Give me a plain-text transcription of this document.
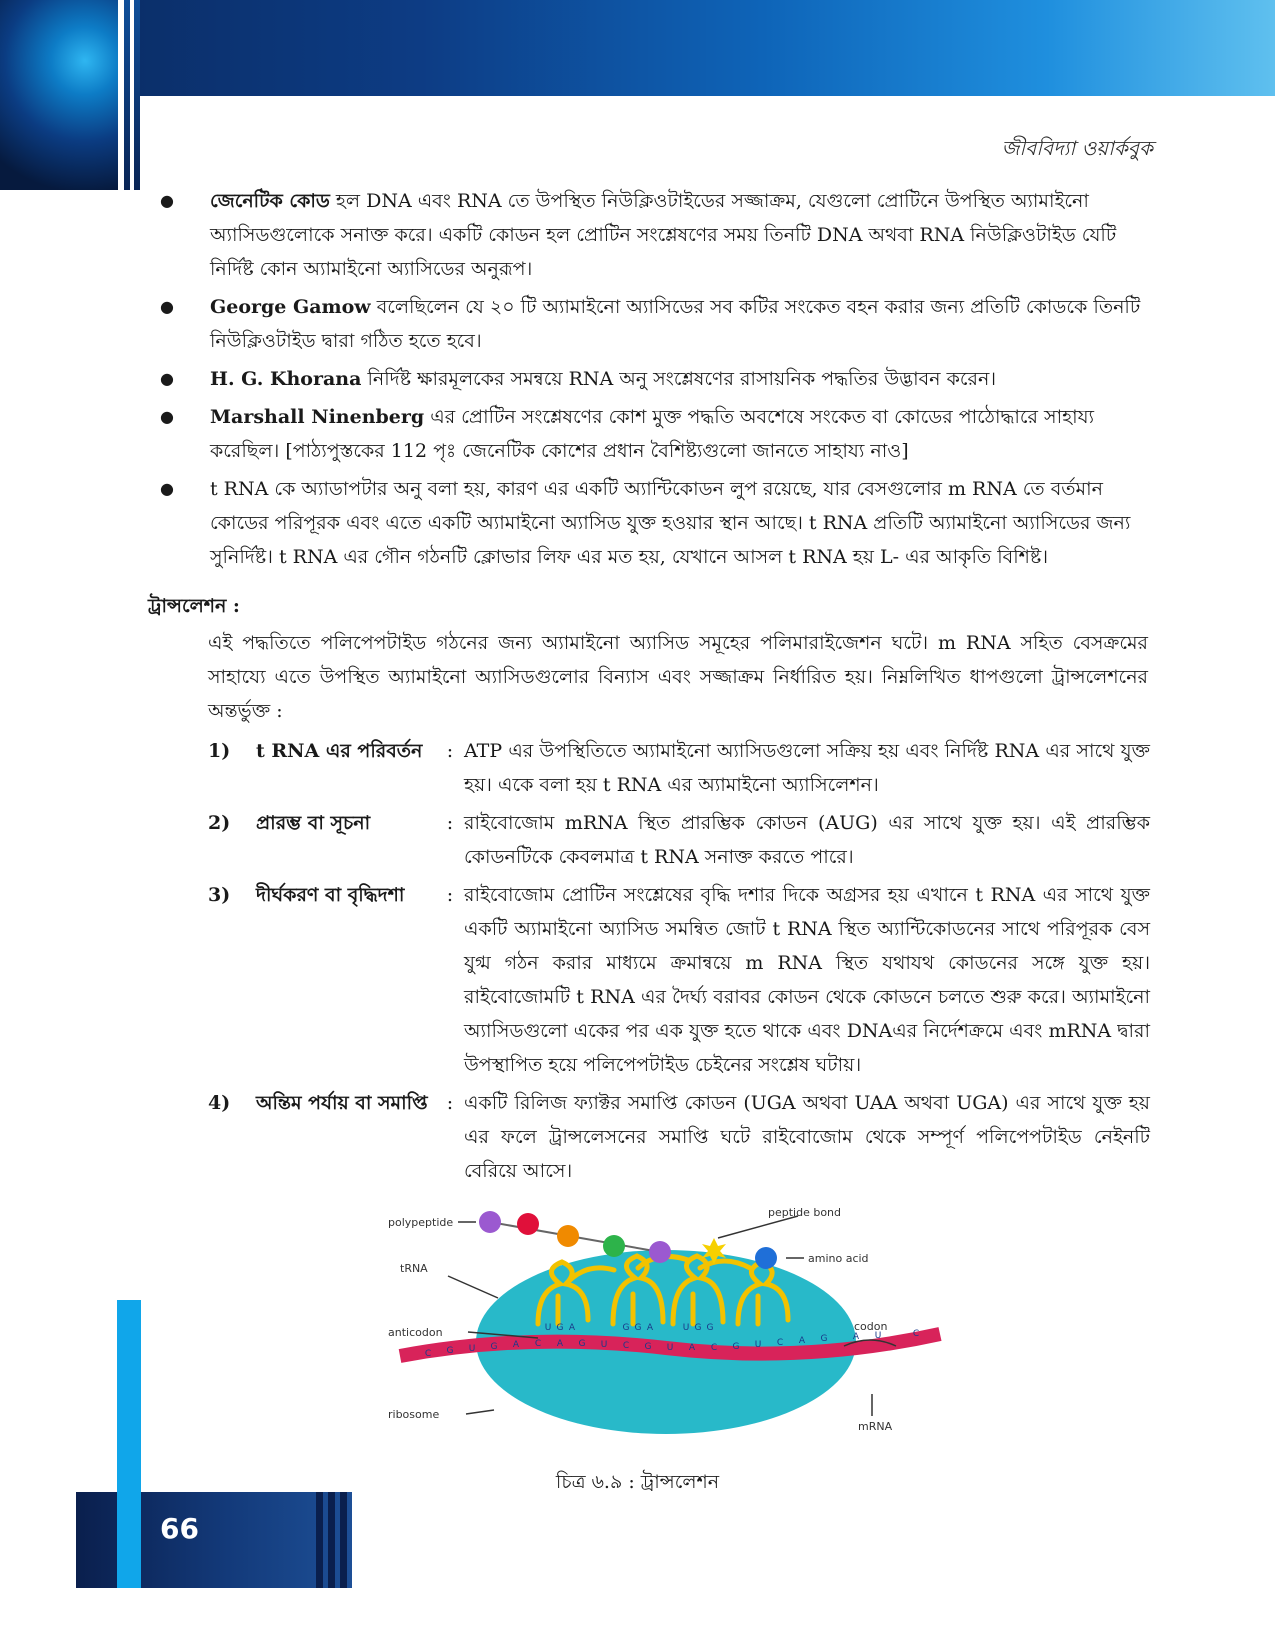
জীববিদ্যা ওয়ার্কবুক
● জেনেটিক কোড হল DNA এবং RNA তে উপস্থিত নিউক্লিওটাইডের সজ্জাক্রম, যেগুলো প্রোটিনে উপস্থিত অ্যামাইনো অ্যাসিডগুলোকে সনাক্ত করে। একটি কোডন হল প্রোটিন সংশ্লেষণের সময় তিনটি DNA অথবা RNA নিউক্লিওটাইড যেটি নির্দিষ্ট কোন অ্যামাইনো অ্যাসিডের অনুরূপ।
● George Gamow বলেছিলেন যে ২০ টি অ্যামাইনো অ্যাসিডের সব কটির সংকেত বহন করার জন্য প্রতিটি কোডকে তিনটি নিউক্লিওটাইড দ্বারা গঠিত হতে হবে।
● H. G. Khorana নির্দিষ্ট ক্ষারমূলকের সমন্বয়ে RNA অনু সংশ্লেষণের রাসায়নিক পদ্ধতির উদ্ভাবন করেন।
● Marshall Ninenberg এর প্রোটিন সংশ্লেষণের কোশ মুক্ত পদ্ধতি অবশেষে সংকেত বা কোডের পাঠোদ্ধারে সাহায্য করেছিল। [পাঠ্যপুস্তকের 112 পৃঃ জেনেটিক কোশের প্রধান বৈশিষ্ট্যগুলো জানতে সাহায্য নাও]
● t RNA কে অ্যাডাপটার অনু বলা হয়, কারণ এর একটি অ্যান্টিকোডন লুপ রয়েছে, যার বেসগুলোর m RNA তে বর্তমান কোডের পরিপূরক এবং এতে একটি অ্যামাইনো অ্যাসিড যুক্ত হওয়ার স্থান আছে। t RNA প্রতিটি অ্যামাইনো অ্যাসিডের জন্য সুনির্দিষ্ট। t RNA এর গৌন গঠনটি ক্লোভার লিফ এর মত হয়, যেখানে আসল t RNA হয় L- এর আকৃতি বিশিষ্ট।
ট্রান্সলেশন :
এই পদ্ধতিতে পলিপেপটাইড গঠনের জন্য অ্যামাইনো অ্যাসিড সমূহের পলিমারাইজেশন ঘটে। m RNA সহিত বেসক্রমের সাহায্যে এতে উপস্থিত অ্যামাইনো অ্যাসিডগুলোর বিন্যাস এবং সজ্জাক্রম নির্ধারিত হয়। নিম্নলিখিত ধাপগুলো ট্রান্সলেশনের অন্তর্ভুক্ত :
1)	t RNA এর পরিবর্তন	: ATP এর উপস্থিতিতে অ্যামাইনো অ্যাসিডগুলো সক্রিয় হয় এবং নির্দিষ্ট RNA এর সাথে যুক্ত হয়। একে বলা হয় t RNA এর অ্যামাইনো অ্যাসিলেশন।
2)	প্রারম্ভ বা সূচনা	: রাইবোজোম mRNA স্থিত প্রারম্ভিক কোডন (AUG) এর সাথে যুক্ত হয়। এই প্রারম্ভিক কোডনটিকে কেবলমাত্র t RNA সনাক্ত করতে পারে।
3)	দীর্ঘকরণ বা বৃদ্ধিদশা	: রাইবোজোম প্রোটিন সংশ্লেষের বৃদ্ধি দশার দিকে অগ্রসর হয় এখানে t RNA এর সাথে যুক্ত একটি অ্যামাইনো অ্যাসিড সমন্বিত জোট t RNA স্থিত অ্যান্টিকোডনের সাথে পরিপূরক বেস যুগ্ম গঠন করার মাধ্যমে ক্রমান্বয়ে m RNA স্থিত যথাযথ কোডনের সঙ্গে যুক্ত হয়। রাইবোজোমটি t RNA এর দৈর্ঘ্য বরাবর কোডন থেকে কোডনে চলতে শুরু করে। অ্যামাইনো অ্যাসিডগুলো একের পর এক যুক্ত হতে থাকে এবং DNAএর নির্দেশক্রমে এবং mRNA দ্বারা উপস্থাপিত হয়ে পলিপেপটাইড চেইনের সংশ্লেষ ঘটায়।
4)	অন্তিম পর্যায় বা সমাপ্তি	: একটি রিলিজ ফ্যাক্টর সমাপ্তি কোডন (UGA অথবা UAA অথবা UGA) এর সাথে যুক্ত হয় এর ফলে ট্রান্সলেসনের সমাপ্তি ঘটে রাইবোজোম থেকে সম্পূর্ণ পলিপেপটাইড নেইনটি বেরিয়ে আসে।
polypeptide
peptide bond
amino acid
tRNA
anticodon	codon
ribosome
mRNA
U G A	G G A	U G G
C G U G A C A G U C G U A C G U C A G	A U	C
চিত্র ৬.৯ : ট্রান্সলেশন
66
